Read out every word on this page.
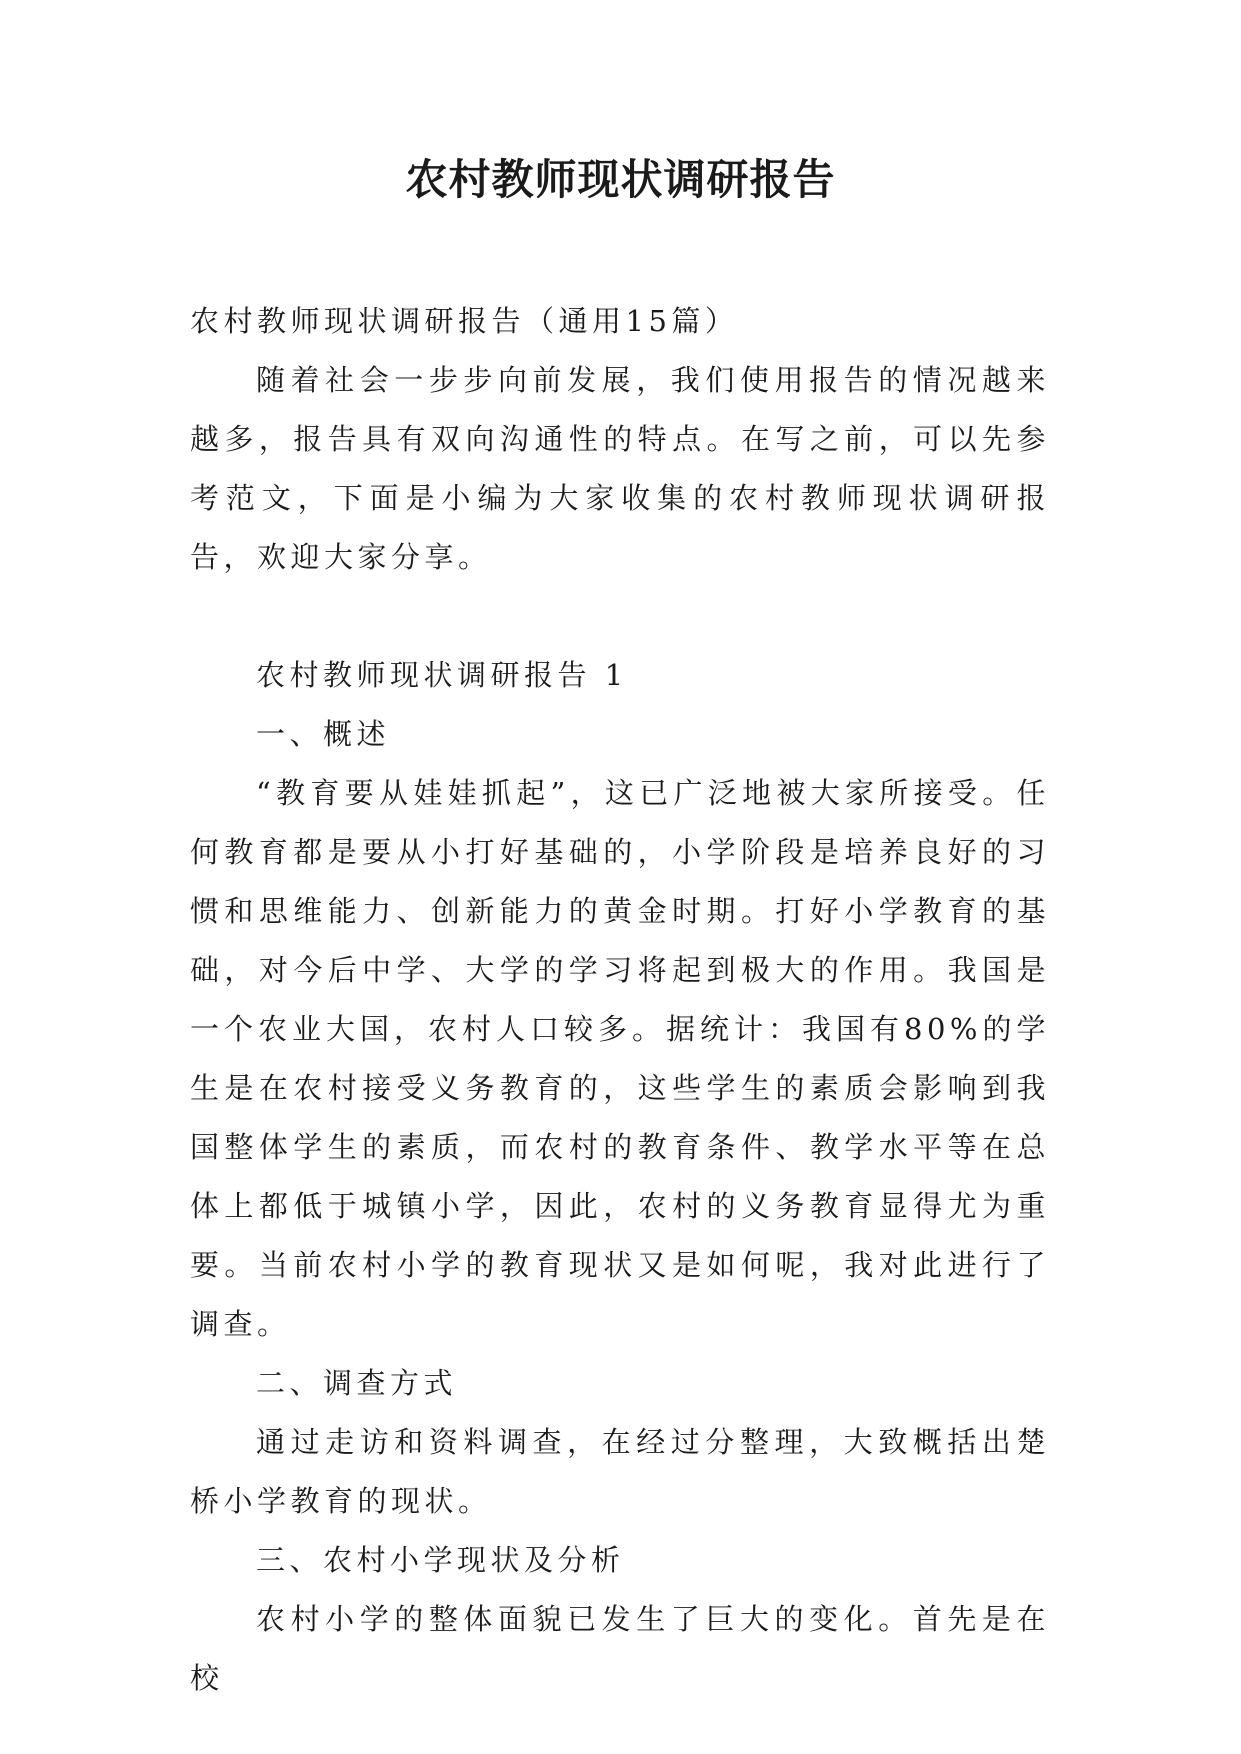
农村教师现状调研报告

农村教师现状调研报告（通用15篇）

随着社会一步步向前发展，我们使用报告的情况越来越多，报告具有双向沟通性的特点。在写之前，可以先参考范文，下面是小编为大家收集的农村教师现状调研报告，欢迎大家分享。

农村教师现状调研报告 1

一、概述

“教育要从娃娃抓起”，这已广泛地被大家所接受。任何教育都是要从小打好基础的，小学阶段是培养良好的习惯和思维能力、创新能力的黄金时期。打好小学教育的基础，对今后中学、大学的学习将起到极大的作用。我国是一个农业大国，农村人口较多。据统计：我国有80%的学生是在农村接受义务教育的，这些学生的素质会影响到我国整体学生的素质，而农村的教育条件、教学水平等在总体上都低于城镇小学，因此，农村的义务教育显得尤为重要。当前农村小学的教育现状又是如何呢，我对此进行了调查。

二、调查方式

通过走访和资料调查，在经过分整理，大致概括出楚桥小学教育的现状。

三、农村小学现状及分析

农村小学的整体面貌已发生了巨大的变化。首先是在校
